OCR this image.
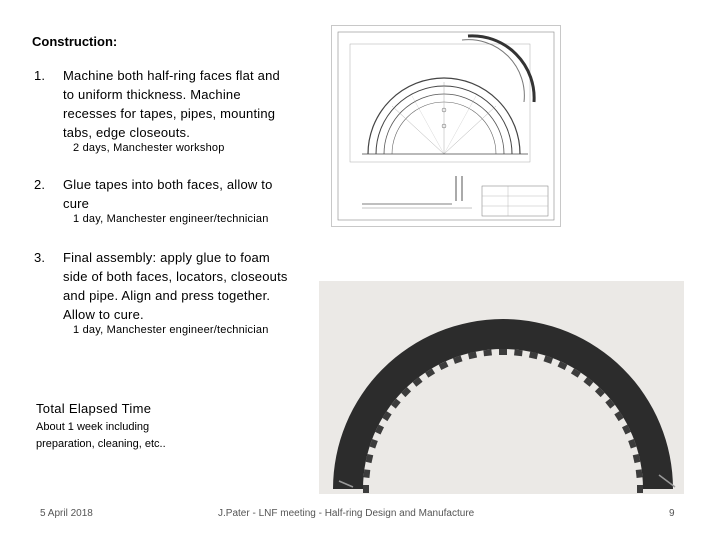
Construction:
1.	Machine both half-ring faces flat and
to uniform thickness. Machine
recesses for tapes, pipes, mounting
tabs, edge closeouts.
2 days, Manchester workshop
2.	Glue tapes into both faces, allow to
cure
1 day, Manchester engineer/technician
3.	Final assembly: apply glue to foam
side of both faces, locators, closeouts
and pipe. Align and press together.
Allow to cure.
1 day, Manchester engineer/technician
Total Elapsed Time
About 1 week including
preparation, cleaning, etc..
5 April 2018	J.Pater - LNF meeting - Half-ring Design and Manufacture	9
